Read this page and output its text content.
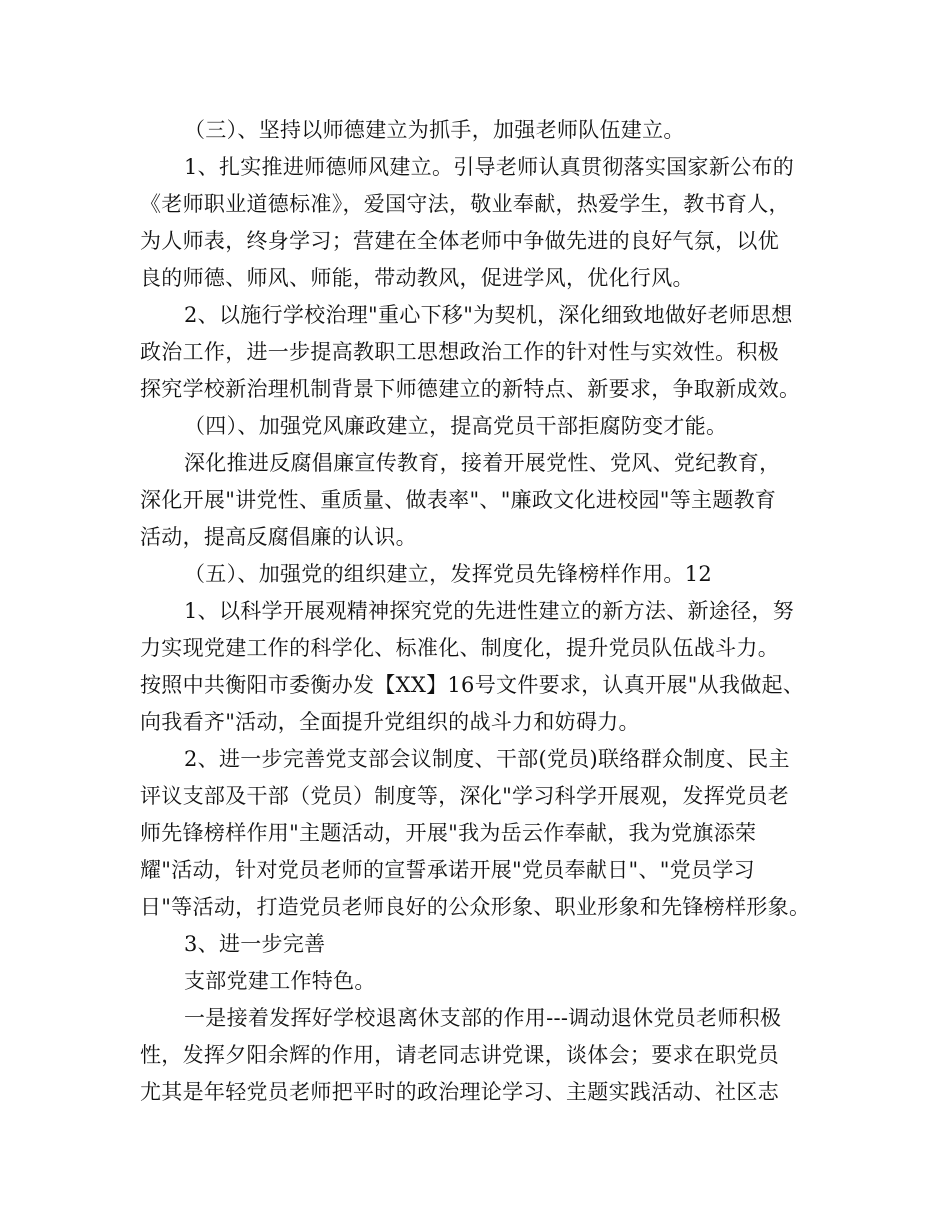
（三）、坚持以师德建立为抓手，加强老师队伍建立。
1、扎实推进师德师风建立。引导老师认真贯彻落实国家新公布的
《老师职业道德标准》，爱国守法，敬业奉献，热爱学生，教书育人，
为人师表，终身学习；营建在全体老师中争做先进的良好气氛，以优
良的师德、师风、师能，带动教风，促进学风，优化行风。
2、以施行学校治理"重心下移"为契机，深化细致地做好老师思想
政治工作，进一步提高教职工思想政治工作的针对性与实效性。积极
探究学校新治理机制背景下师德建立的新特点、新要求，争取新成效。
（四）、加强党风廉政建立，提高党员干部拒腐防变才能。
深化推进反腐倡廉宣传教育，接着开展党性、党风、党纪教育，
深化开展"讲党性、重质量、做表率"、"廉政文化进校园"等主题教育
活动，提高反腐倡廉的认识。
（五）、加强党的组织建立，发挥党员先锋榜样作用。12
1、以科学开展观精神探究党的先进性建立的新方法、新途径，努
力实现党建工作的科学化、标准化、制度化，提升党员队伍战斗力。
按照中共衡阳市委衡办发【XX】16号文件要求，认真开展"从我做起、
向我看齐"活动，全面提升党组织的战斗力和妨碍力。
2、进一步完善党支部会议制度、干部(党员)联络群众制度、民主
评议支部及干部（党员）制度等，深化"学习科学开展观，发挥党员老
师先锋榜样作用"主题活动，开展"我为岳云作奉献，我为党旗添荣
耀"活动，针对党员老师的宣誓承诺开展"党员奉献日"、"党员学习
日"等活动，打造党员老师良好的公众形象、职业形象和先锋榜样形象。
3、进一步完善
支部党建工作特色。
一是接着发挥好学校退离休支部的作用---调动退休党员老师积极
性，发挥夕阳余辉的作用，请老同志讲党课，谈体会；要求在职党员
尤其是年轻党员老师把平时的政治理论学习、主题实践活动、社区志
